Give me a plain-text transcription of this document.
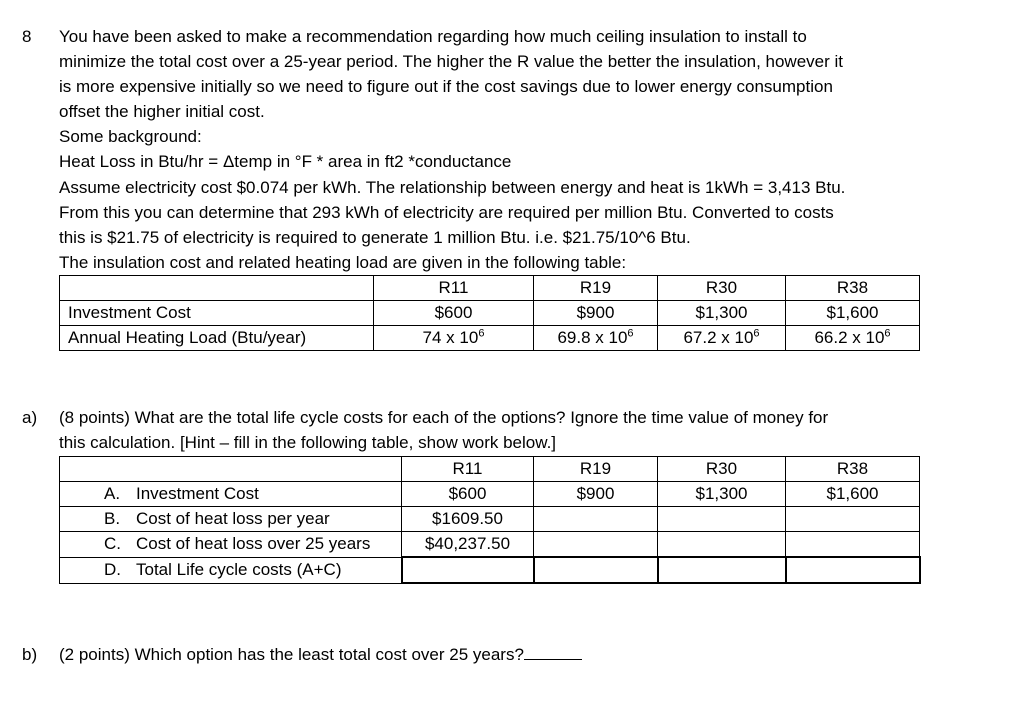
8 You have been asked to make a recommendation regarding how much ceiling insulation to install to
minimize the total cost over a 25-year period. The higher the R value the better the insulation, however it
is more expensive initially so we need to figure out if the cost savings due to lower energy consumption
offset the higher initial cost.
Some background:
Heat Loss in Btu/hr = Δtemp in °F * area in ft2 *conductance
Assume electricity cost $0.074 per kWh. The relationship between energy and heat is 1kWh = 3,413 Btu.
From this you can determine that 293 kWh of electricity are required per million Btu. Converted to costs
this is $21.75 of electricity is required to generate 1 million Btu. i.e. $21.75/10^6 Btu.
The insulation cost and related heating load are given in the following table:
	R11	R19	R30	R38
Investment Cost	$600	$900	$1,300	$1,600
Annual Heating Load (Btu/year)	74 x $10^6$	69.8 x $10^6$	67.2 x $10^6$	66.2 x $10^6$
a) (8 points) What are the total life cycle costs for each of the options? Ignore the time value of money for
this calculation. [Hint – fill in the following table, show work below.]
	R11	R19	R30	R38
A. Investment Cost	$600	$900	$1,300	$1,600
B. Cost of heat loss per year	$1609.50			
C. Cost of heat loss over 25 years	$40,237.50			
D. Total Life cycle costs (A+C)				
b) (2 points) Which option has the least total cost over 25 years?
